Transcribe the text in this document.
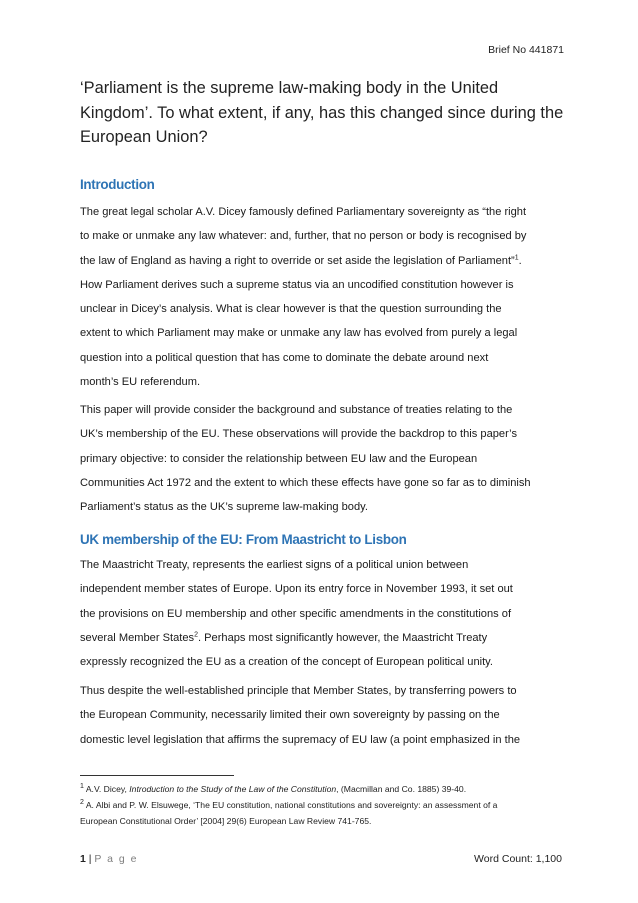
Brief No 441871
‘Parliament is the supreme law-making body in the United
Kingdom’. To what extent, if any, has this changed since during the
European Union?
Introduction

The great legal scholar A.V. Dicey famously defined Parliamentary sovereignty as “the right
to make or unmake any law whatever: and, further, that no person or body is recognised by
the law of England as having a right to override or set aside the legislation of Parliament”$^1$.
How Parliament derives such a supreme status via an uncodified constitution however is
unclear in Dicey’s analysis. What is clear however is that the question surrounding the
extent to which Parliament may make or unmake any law has evolved from purely a legal
question into a political question that has come to dominate the debate around next
month’s EU referendum.

This paper will provide consider the background and substance of treaties relating to the
UK’s membership of the EU. These observations will provide the backdrop to this paper’s
primary objective: to consider the relationship between EU law and the European
Communities Act 1972 and the extent to which these effects have gone so far as to diminish
Parliament’s status as the UK’s supreme law-making body.

UK membership of the EU: From Maastricht to Lisbon

The Maastricht Treaty, represents the earliest signs of a political union between
independent member states of Europe. Upon its entry force in November 1993, it set out
the provisions on EU membership and other specific amendments in the constitutions of
several Member States$^2$. Perhaps most significantly however, the Maastricht Treaty
expressly recognized the EU as a creation of the concept of European political unity.

Thus despite the well-established principle that Member States, by transferring powers to
the European Community, necessarily limited their own sovereignty by passing on the
domestic level legislation that affirms the supremacy of EU law (a point emphasized in the

$^1$ A.V. Dicey, Introduction to the Study of the Law of the Constitution, (Macmillan and Co. 1885) 39-40.
$^2$ A. Albi and P. W. Elsuwege, ‘The EU constitution, national constitutions and sovereignty: an assessment of a
European Constitutional Order’ [2004] 29(6) European Law Review 741-765.
1 | P a g e	Word Count: 1,100
